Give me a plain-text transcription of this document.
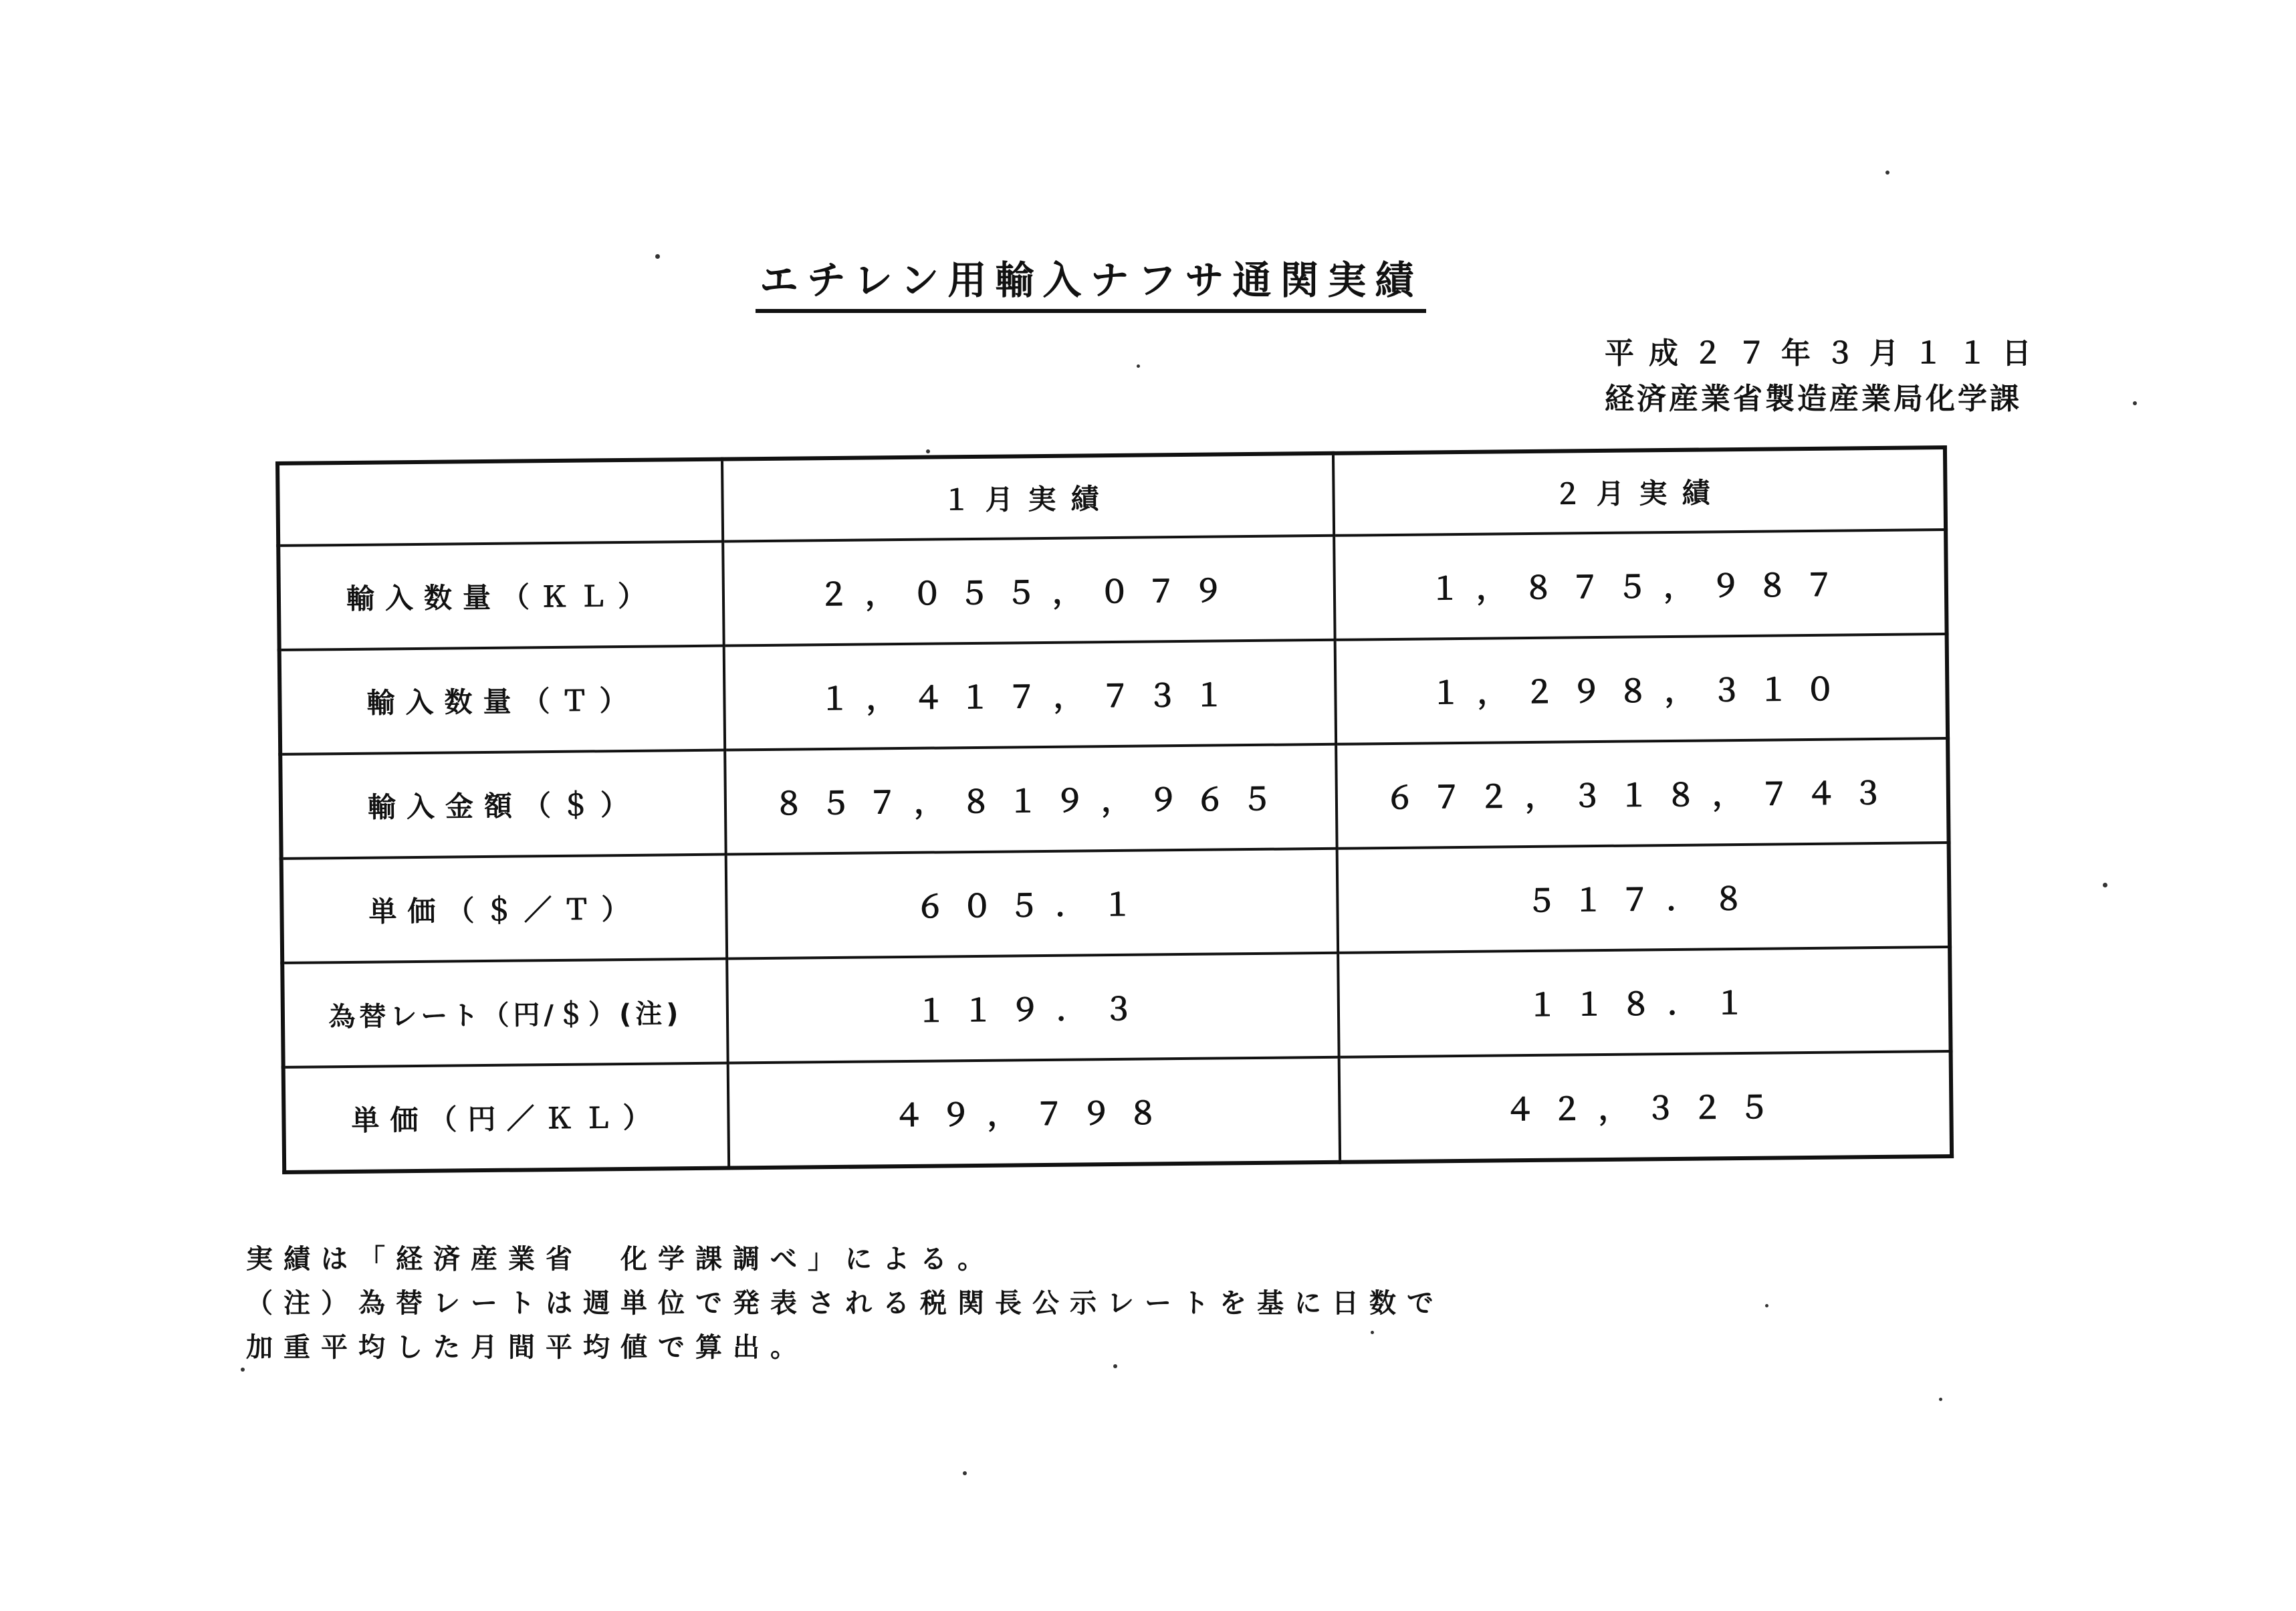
エチレン用輸入ナフサ通関実績
平成２７年３月１１日
経済産業省製造産業局化学課
	１月実績	２月実績
輸入数量（ＫＬ）	２，０５５，０７９	１，８７５，９８７
輸入数量（Ｔ）	１，４１７，７３１	１，２９８，３１０
輸入金額（＄）	８５７，８１９，９６５	６７２，３１８，７４３
単価（＄／Ｔ）	６０５．１	５１７．８
為替レート（円/＄）(注)	１１９．３	１１８．１
単価（円／ＫＬ）	４９，７９８	４２，３２５
実績は「経済産業省　化学課調べ」による。
（注）為替レートは週単位で発表される税関長公示レートを基に日数で
加重平均した月間平均値で算出。
